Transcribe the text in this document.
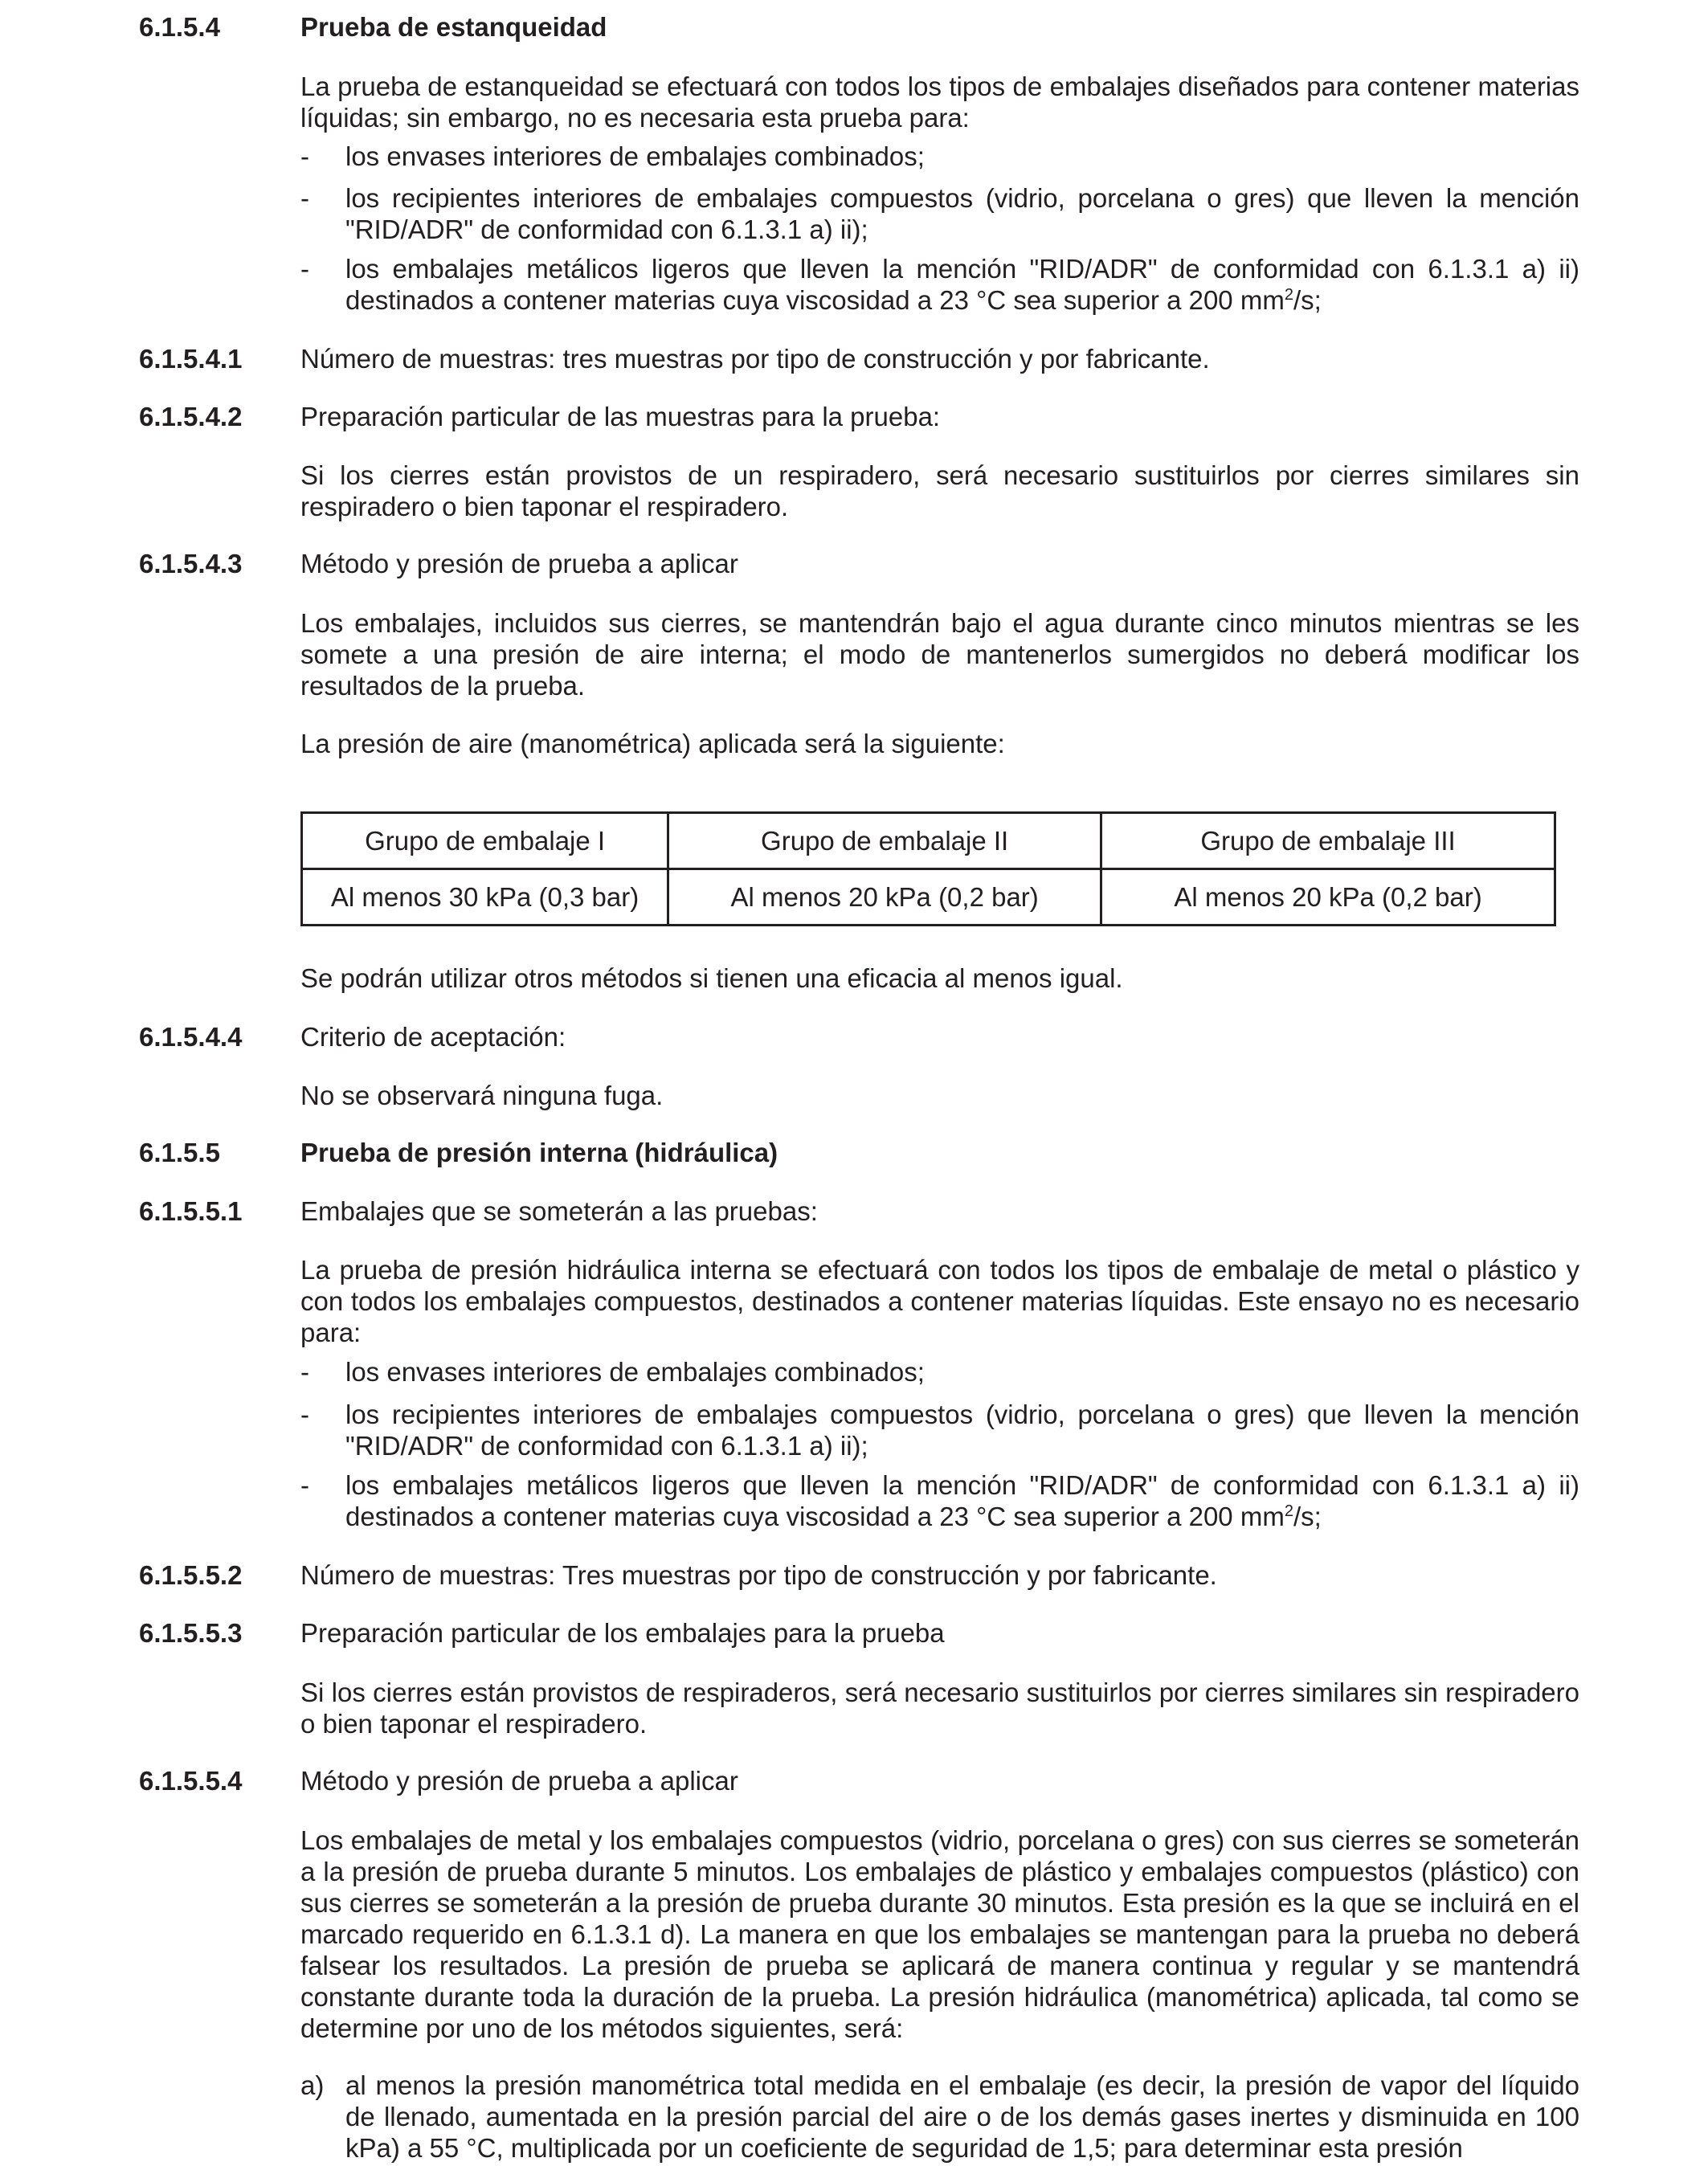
6.1.5.4	Prueba de estanqueidad
La prueba de estanqueidad se efectuará con todos los tipos de embalajes diseñados para contener materias líquidas; sin embargo, no es necesaria esta prueba para:
- los envases interiores de embalajes combinados;
- los recipientes interiores de embalajes compuestos (vidrio, porcelana o gres) que lleven la mención "RID/ADR" de conformidad con 6.1.3.1 a) ii);
- los embalajes metálicos ligeros que lleven la mención "RID/ADR" de conformidad con 6.1.3.1 a) ii) destinados a contener materias cuya viscosidad a 23 °C sea superior a 200 $mm^2/s$;
6.1.5.4.1 Número de muestras: tres muestras por tipo de construcción y por fabricante.
6.1.5.4.2 Preparación particular de las muestras para la prueba:
Si los cierres están provistos de un respiradero, será necesario sustituirlos por cierres similares sin respiradero o bien taponar el respiradero.
6.1.5.4.3 Método y presión de prueba a aplicar
Los embalajes, incluidos sus cierres, se mantendrán bajo el agua durante cinco minutos mientras se les somete a una presión de aire interna; el modo de mantenerlos sumergidos no deberá modificar los resultados de la prueba.
La presión de aire (manométrica) aplicada será la siguiente:
Grupo de embalaje I	Grupo de embalaje II	Grupo de embalaje III
Al menos 30 kPa (0,3 bar)	Al menos 20 kPa (0,2 bar)	Al menos 20 kPa (0,2 bar)
Se podrán utilizar otros métodos si tienen una eficacia al menos igual.
6.1.5.4.4 Criterio de aceptación:
No se observará ninguna fuga.
6.1.5.5	Prueba de presión interna (hidráulica)
6.1.5.5.1 Embalajes que se someterán a las pruebas:
La prueba de presión hidráulica interna se efectuará con todos los tipos de embalaje de metal o plástico y con todos los embalajes compuestos, destinados a contener materias líquidas. Este ensayo no es necesario para:
- los envases interiores de embalajes combinados;
- los recipientes interiores de embalajes compuestos (vidrio, porcelana o gres) que lleven la mención "RID/ADR" de conformidad con 6.1.3.1 a) ii);
- los embalajes metálicos ligeros que lleven la mención "RID/ADR" de conformidad con 6.1.3.1 a) ii) destinados a contener materias cuya viscosidad a 23 °C sea superior a 200 $mm^2/s$;
6.1.5.5.2 Número de muestras: Tres muestras por tipo de construcción y por fabricante.
6.1.5.5.3 Preparación particular de los embalajes para la prueba
Si los cierres están provistos de respiraderos, será necesario sustituirlos por cierres similares sin respiradero o bien taponar el respiradero.
6.1.5.5.4 Método y presión de prueba a aplicar
Los embalajes de metal y los embalajes compuestos (vidrio, porcelana o gres) con sus cierres se someterán a la presión de prueba durante 5 minutos. Los embalajes de plástico y embalajes compuestos (plástico) con sus cierres se someterán a la presión de prueba durante 30 minutos. Esta presión es la que se incluirá en el marcado requerido en 6.1.3.1 d). La manera en que los embalajes se mantengan para la prueba no deberá falsear los resultados. La presión de prueba se aplicará de manera continua y regular y se mantendrá constante durante toda la duración de la prueba. La presión hidráulica (manométrica) aplicada, tal como se determine por uno de los métodos siguientes, será:
a) al menos la presión manométrica total medida en el embalaje (es decir, la presión de vapor del líquido de llenado, aumentada en la presión parcial del aire o de los demás gases inertes y disminuida en 100 kPa) a 55 °C, multiplicada por un coeficiente de seguridad de 1,5; para determinar esta presión
